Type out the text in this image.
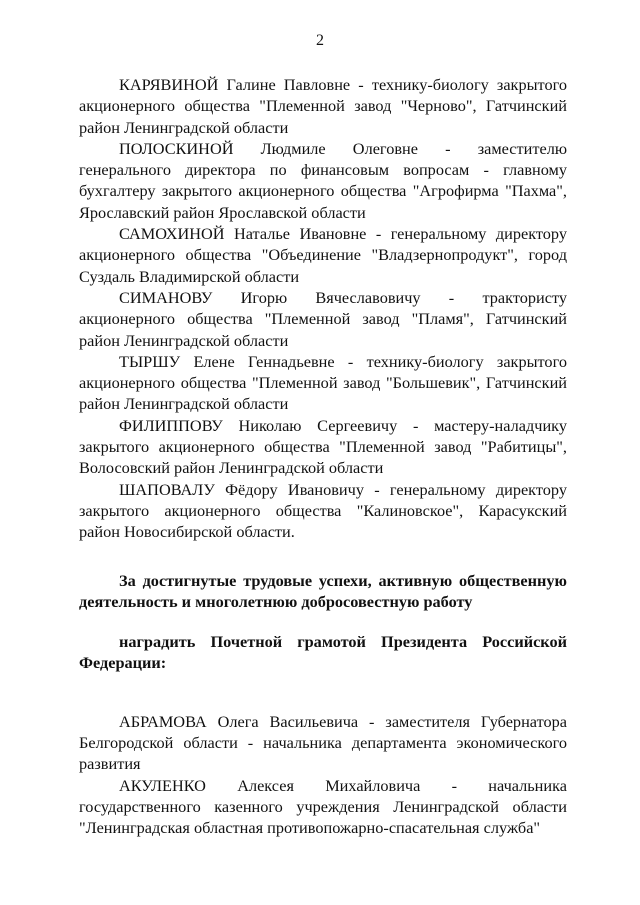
2

КАРЯВИНОЙ Галине Павловне - технику-биологу закрытого акционерного общества "Племенной завод "Черново", Гатчинский район Ленинградской области

ПОЛОСКИНОЙ Людмиле Олеговне - заместителю генерального директора по финансовым вопросам - главному бухгалтеру закрытого акционерного общества "Агрофирма "Пахма", Ярославский район Ярославской области

САМОХИНОЙ Наталье Ивановне - генеральному директору акционерного общества "Объединение "Владзернопродукт", город Суздаль Владимирской области

СИМАНОВУ Игорю Вячеславовичу - трактористу акционерного общества "Племенной завод "Пламя", Гатчинский район Ленинградской области

ТЫРШУ Елене Геннадьевне - технику-биологу закрытого акционерного общества "Племенной завод "Большевик", Гатчинский район Ленинградской области

ФИЛИППОВУ Николаю Сергеевичу - мастеру-наладчику закрытого акционерного общества "Племенной завод "Рабитицы", Волосовский район Ленинградской области

ШАПОВАЛУ Фёдору Ивановичу - генеральному директору закрытого акционерного общества "Калиновское", Карасукский район Новосибирской области.

За достигнутые трудовые успехи, активную общественную деятельность и многолетнюю добросовестную работу

наградить Почетной грамотой Президента Российской Федерации:

АБРАМОВА Олега Васильевича - заместителя Губернатора Белгородской области - начальника департамента экономического развития

АКУЛЕНКО Алексея Михайловича - начальника государственного казенного учреждения Ленинградской области "Ленинградская областная противопожарно-спасательная служба"
